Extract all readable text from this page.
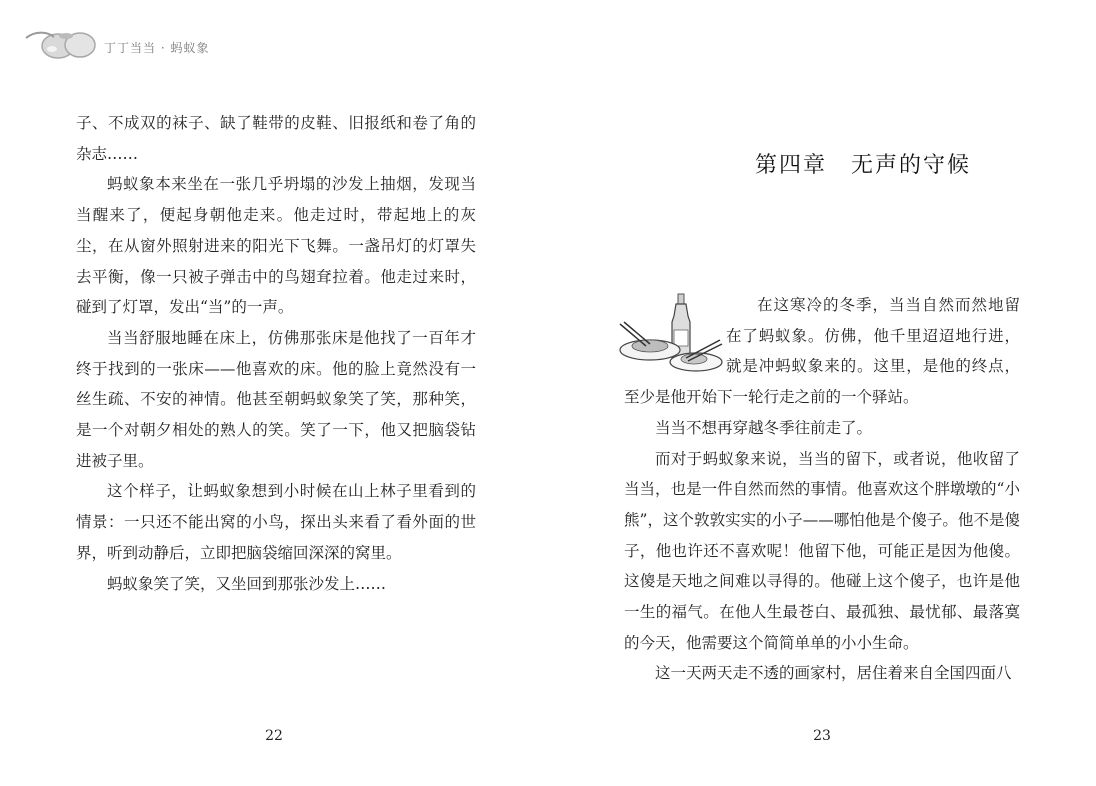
丁丁当当 · 蚂蚁象

子、不成双的袜子、缺了鞋带的皮鞋、旧报纸和卷了角的杂志……

蚂蚁象本来坐在一张几乎坍塌的沙发上抽烟，发现当当醒来了，便起身朝他走来。他走过时，带起地上的灰尘，在从窗外照射进来的阳光下飞舞。一盏吊灯的灯罩失去平衡，像一只被子弹击中的鸟翅耷拉着。他走过来时，碰到了灯罩，发出“当”的一声。

当当舒服地睡在床上，仿佛那张床是他找了一百年才终于找到的一张床——他喜欢的床。他的脸上竟然没有一丝生疏、不安的神情。他甚至朝蚂蚁象笑了笑，那种笑，是一个对朝夕相处的熟人的笑。笑了一下，他又把脑袋钻进被子里。

这个样子，让蚂蚁象想到小时候在山上林子里看到的情景：一只还不能出窝的小鸟，探出头来看了看外面的世界，听到动静后，立即把脑袋缩回深深的窝里。

蚂蚁象笑了笑，又坐回到那张沙发上……

22
第四章　无声的守候

在这寒冷的冬季，当当自然而然地留在了蚂蚁象。仿佛，他千里迢迢地行进，就是冲蚂蚁象来的。这里，是他的终点，至少是他开始下一轮行走之前的一个驿站。

当当不想再穿越冬季往前走了。

而对于蚂蚁象来说，当当的留下，或者说，他收留了当当，也是一件自然而然的事情。他喜欢这个胖墩墩的“小熊”，这个敦敦实实的小子——哪怕他是个傻子。他不是傻子，他也许还不喜欢呢！他留下他，可能正是因为他傻。这傻是天地之间难以寻得的。他碰上这个傻子，也许是他一生的福气。在他人生最苍白、最孤独、最忧郁、最落寞的今天，他需要这个简简单单的小小生命。

这一天两天走不透的画家村，居住着来自全国四面八

23
